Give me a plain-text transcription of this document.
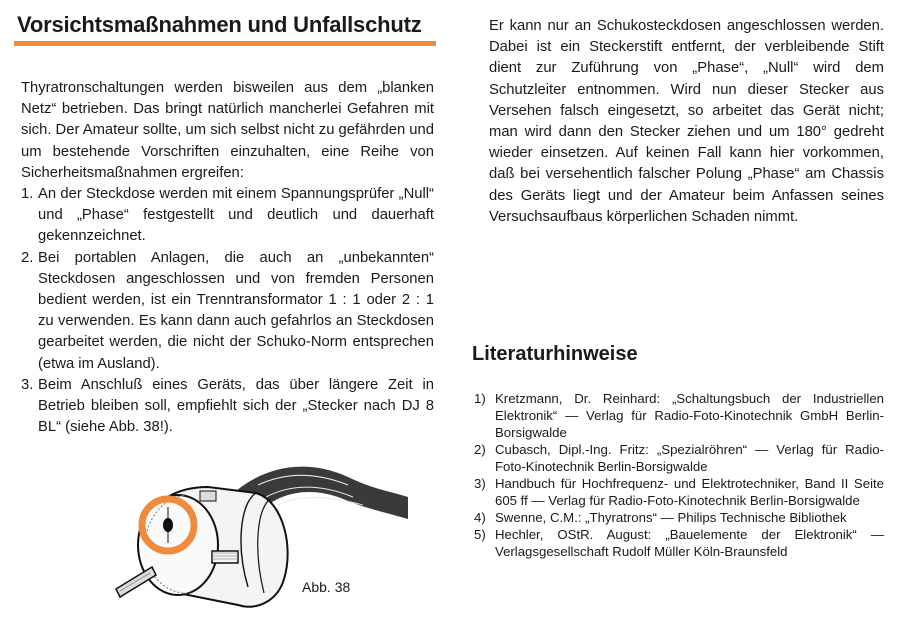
Vorsichtsmaßnahmen und Unfallschutz

Thyratronschaltungen werden bisweilen aus dem „blanken Netz“ betrieben. Das bringt natürlich mancherlei Gefahren mit sich. Der Amateur sollte, um sich selbst nicht zu gefährden und um bestehende Vorschriften einzuhalten, eine Reihe von Sicherheitsmaßnahmen ergreifen:

1. An der Steckdose werden mit einem Spannungsprüfer „Null“ und „Phase“ festgestellt und deutlich und dauerhaft gekennzeichnet.
2. Bei portablen Anlagen, die auch an „unbekannten“ Steckdosen angeschlossen und von fremden Personen bedient werden, ist ein Trenntransformator 1 : 1 oder 2 : 1 zu verwenden. Es kann dann auch gefahrlos an Steckdosen gearbeitet werden, die nicht der Schuko-Norm entsprechen (etwa im Ausland).
3. Beim Anschluß eines Geräts, das über längere Zeit in Betrieb bleiben soll, empfiehlt sich der „Stecker nach DJ 8 BL“ (siehe Abb. 38!).

Er kann nur an Schukosteckdosen angeschlossen werden. Dabei ist ein Steckerstift entfernt, der verbleibende Stift dient zur Zuführung von „Phase“, „Null“ wird dem Schutzleiter entnommen. Wird nun dieser Stecker aus Versehen falsch eingesetzt, so arbeitet das Gerät nicht; man wird dann den Stecker ziehen und um 180° gedreht wieder einsetzen. Auf keinen Fall kann hier vorkommen, daß bei versehentlich falscher Polung „Phase“ am Chassis des Geräts liegt und der Amateur beim Anfassen seines Versuchsaufbaus körperlichen Schaden nimmt.

Literaturhinweise
1) Kretzmann, Dr. Reinhard: „Schaltungsbuch der Industriellen Elektronik“ — Verlag für Radio-Foto-Kinotechnik GmbH Berlin-Borsigwalde
2) Cubasch, Dipl.-Ing. Fritz: „Spezialröhren“ — Verlag für Radio-Foto-Kinotechnik Berlin-Borsigwalde
3) Handbuch für Hochfrequenz- und Elektrotechniker, Band II Seite 605 ff — Verlag für Radio-Foto-Kinotechnik Berlin-Borsigwalde
4) Swenne, C.M.: „Thyratrons“ — Philips Technische Bibliothek
5) Hechler, OStR. August: „Bauelemente der Elektronik“ — Verlagsgesellschaft Rudolf Müller Köln-Braunsfeld
Abb. 38
